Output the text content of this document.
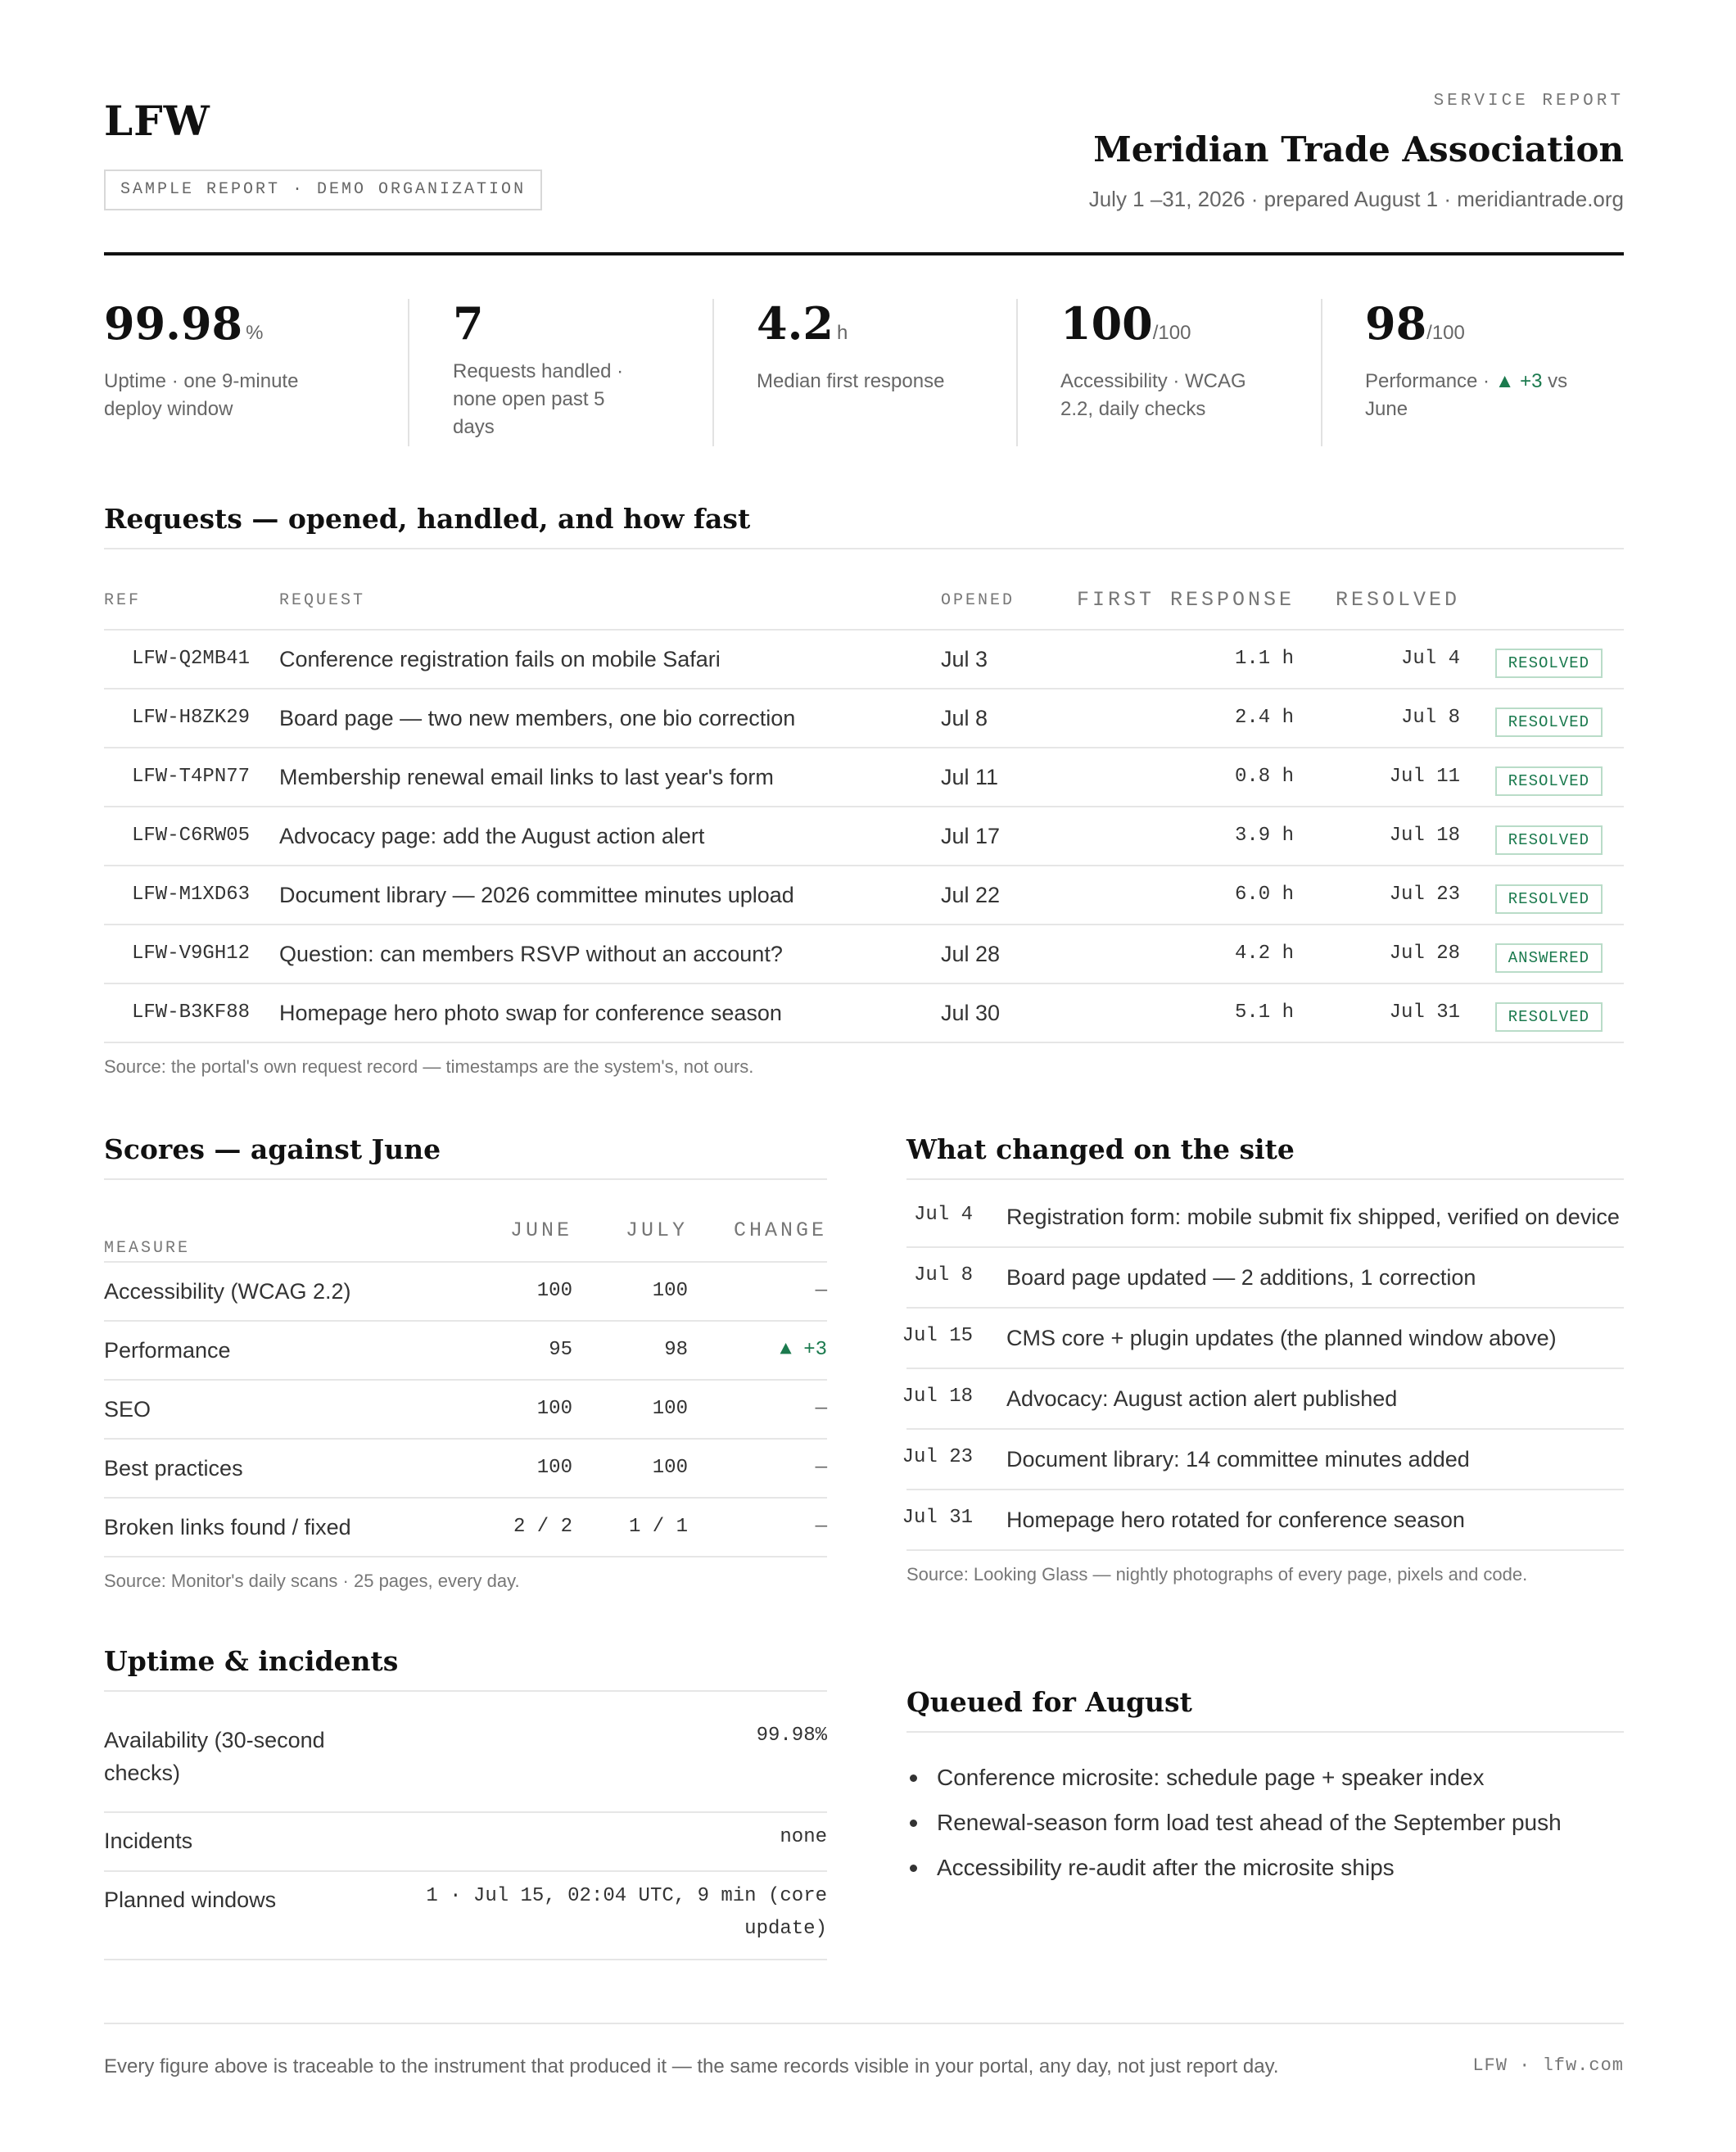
LFW
SAMPLE REPORT · DEMO ORGANIZATION
SERVICE REPORT
Meridian Trade Association
July 1 –31, 2026 · prepared August 1 · meridiantrade.org
99.98 %
Uptime · one 9-minute deploy window
7
Requests handled · none open past 5 days
4.2 h
Median first response
100/100
Accessibility · WCAG 2.2, daily checks
98/100
Performance · ▲ +3 vs June
Requests — opened, handled, and how fast
REF	REQUEST	OPENED	FIRST RESPONSE RESOLVED
LFW-Q2MB41 Conference registration fails on mobile Safari	Jul 3	1.1 h	Jul 4	RESOLVED
LFW-H8ZK29 Board page — two new members, one bio correction	Jul 8	2.4 h	Jul 8	RESOLVED
LFW-T4PN77 Membership renewal email links to last year's form	Jul 11	0.8 h	Jul 11	RESOLVED
LFW-C6RW05 Advocacy page: add the August action alert	Jul 17	3.9 h	Jul 18	RESOLVED
LFW-M1XD63 Document library — 2026 committee minutes upload	Jul 22	6.0 h	Jul 23	RESOLVED
LFW-V9GH12 Question: can members RSVP without an account?	Jul 28	4.2 h	Jul 28	ANSWERED
LFW-B3KF88 Homepage hero photo swap for conference season	Jul 30	5.1 h	Jul 31	RESOLVED
Source: the portal's own request record — timestamps are the system's, not ours.
Scores — against June
MEASURE
JUNE	JULY CHANGE
Accessibility (WCAG 2.2)	100	100	—
Performance	95	98	▲ +3
SEO	100	100	—
Best practices	100	100	—
Broken links found / fixed	2 / 2	1 / 1	—
Source: Monitor's daily scans · 25 pages, every day.
What changed on the site
Jul 4 Registration form: mobile submit fix shipped, verified on device
Jul 8 Board page updated — 2 additions, 1 correction
Jul 15 CMS core + plugin updates (the planned window above)
Jul 18 Advocacy: August action alert published
Jul 23 Document library: 14 committee minutes added
Jul 31 Homepage hero rotated for conference season
Source: Looking Glass — nightly photographs of every page, pixels and code.
Uptime & incidents
Availability (30-second checks)
99.98%
Incidents	none
Planned windows	1 · Jul 15, 02:04 UTC, 9 min (core update)
Queued for August
Conference microsite: schedule page + speaker index
Renewal-season form load test ahead of the September push
Accessibility re-audit after the microsite ships
Every figure above is traceable to the instrument that produced it — the same records visible in your portal, any day, not just report day.	LFW · lfw.com
